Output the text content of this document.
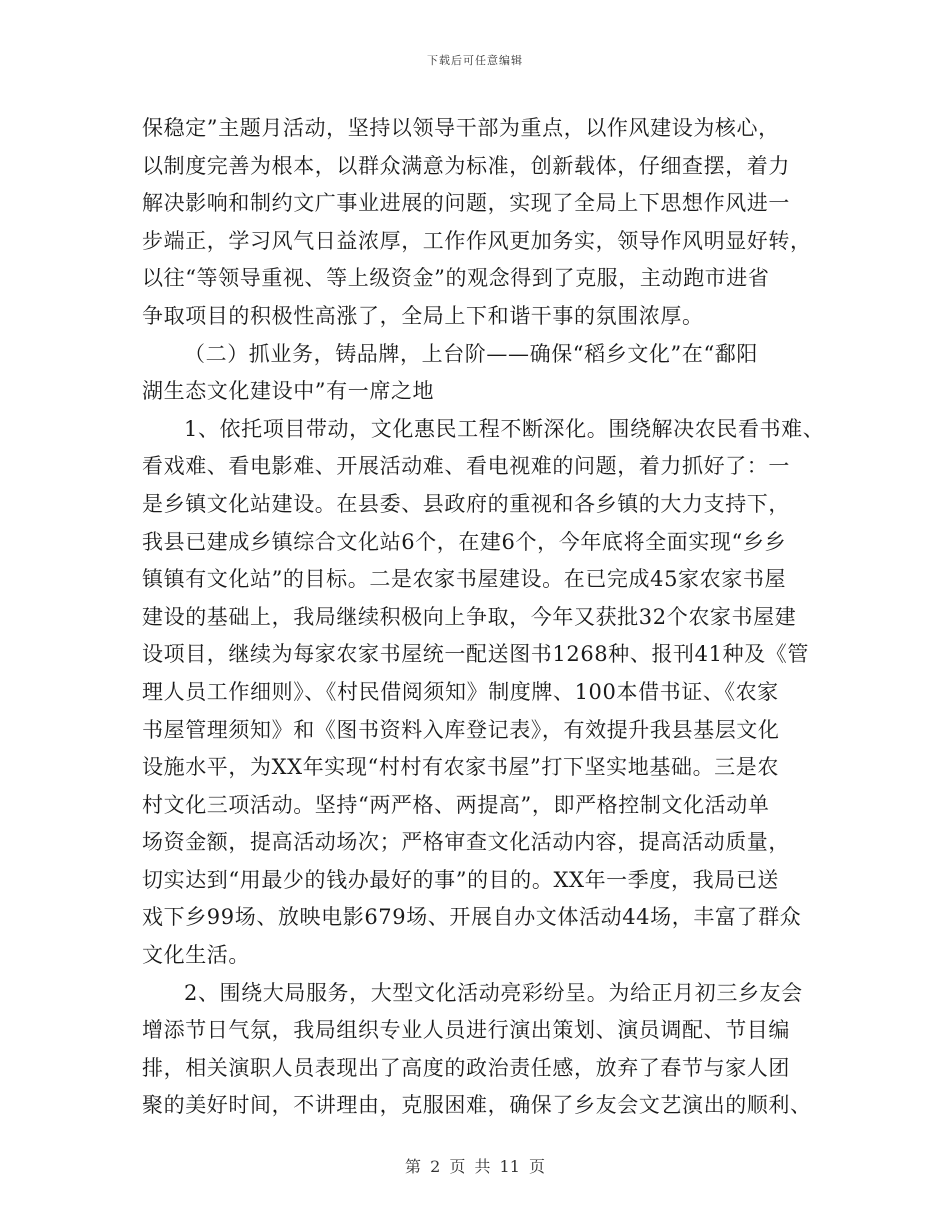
下载后可任意编辑
保稳定”主题月活动，坚持以领导干部为重点，以作风建设为核心，
以制度完善为根本，以群众满意为标准，创新载体，仔细查摆，着力
解决影响和制约文广事业进展的问题，实现了全局上下思想作风进一
步端正，学习风气日益浓厚，工作作风更加务实，领导作风明显好转，
以往“等领导重视、等上级资金”的观念得到了克服，主动跑市进省
争取项目的积极性高涨了，全局上下和谐干事的氛围浓厚。
（二）抓业务，铸品牌，上台阶——确保“稻乡文化”在“鄱阳
湖生态文化建设中”有一席之地
1、依托项目带动，文化惠民工程不断深化。围绕解决农民看书难、
看戏难、看电影难、开展活动难、看电视难的问题，着力抓好了：一
是乡镇文化站建设。在县委、县政府的重视和各乡镇的大力支持下，
我县已建成乡镇综合文化站6个，在建6个，今年底将全面实现“乡乡
镇镇有文化站”的目标。二是农家书屋建设。在已完成45家农家书屋
建设的基础上，我局继续积极向上争取，今年又获批32个农家书屋建
设项目，继续为每家农家书屋统一配送图书1268种、报刊41种及《管
理人员工作细则》、《村民借阅须知》制度牌、100本借书证、《农家
书屋管理须知》和《图书资料入库登记表》，有效提升我县基层文化
设施水平，为XX年实现“村村有农家书屋”打下坚实地基础。三是农
村文化三项活动。坚持“两严格、两提高”，即严格控制文化活动单
场资金额，提高活动场次；严格审查文化活动内容，提高活动质量，
切实达到“用最少的钱办最好的事”的目的。XX年一季度，我局已送
戏下乡99场、放映电影679场、开展自办文体活动44场，丰富了群众
文化生活。
2、围绕大局服务，大型文化活动亮彩纷呈。为给正月初三乡友会
增添节日气氛，我局组织专业人员进行演出策划、演员调配、节目编
排，相关演职人员表现出了高度的政治责任感，放弃了春节与家人团
聚的美好时间，不讲理由，克服困难，确保了乡友会文艺演出的顺利、
第 2 页 共 11 页
